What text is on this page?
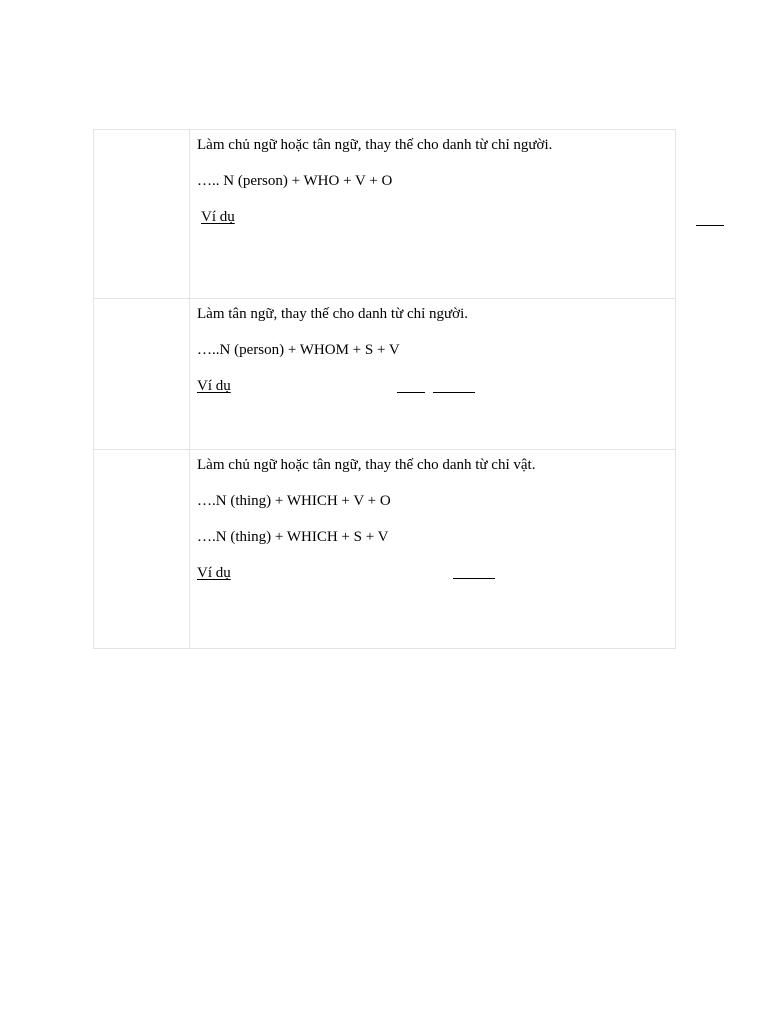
	Làm chủ ngữ hoặc tân ngữ, thay thế cho danh từ chỉ người.
….. N (person) + WHO + V + O
Ví dụ

	Làm tân ngữ, thay thế cho danh từ chỉ người.
…..N (person) + WHOM + S + V
Ví dụ

	Làm chủ ngữ hoặc tân ngữ, thay thế cho danh từ chỉ vật.
….N (thing) + WHICH + V + O
….N (thing) + WHICH + S + V
Ví dụ
